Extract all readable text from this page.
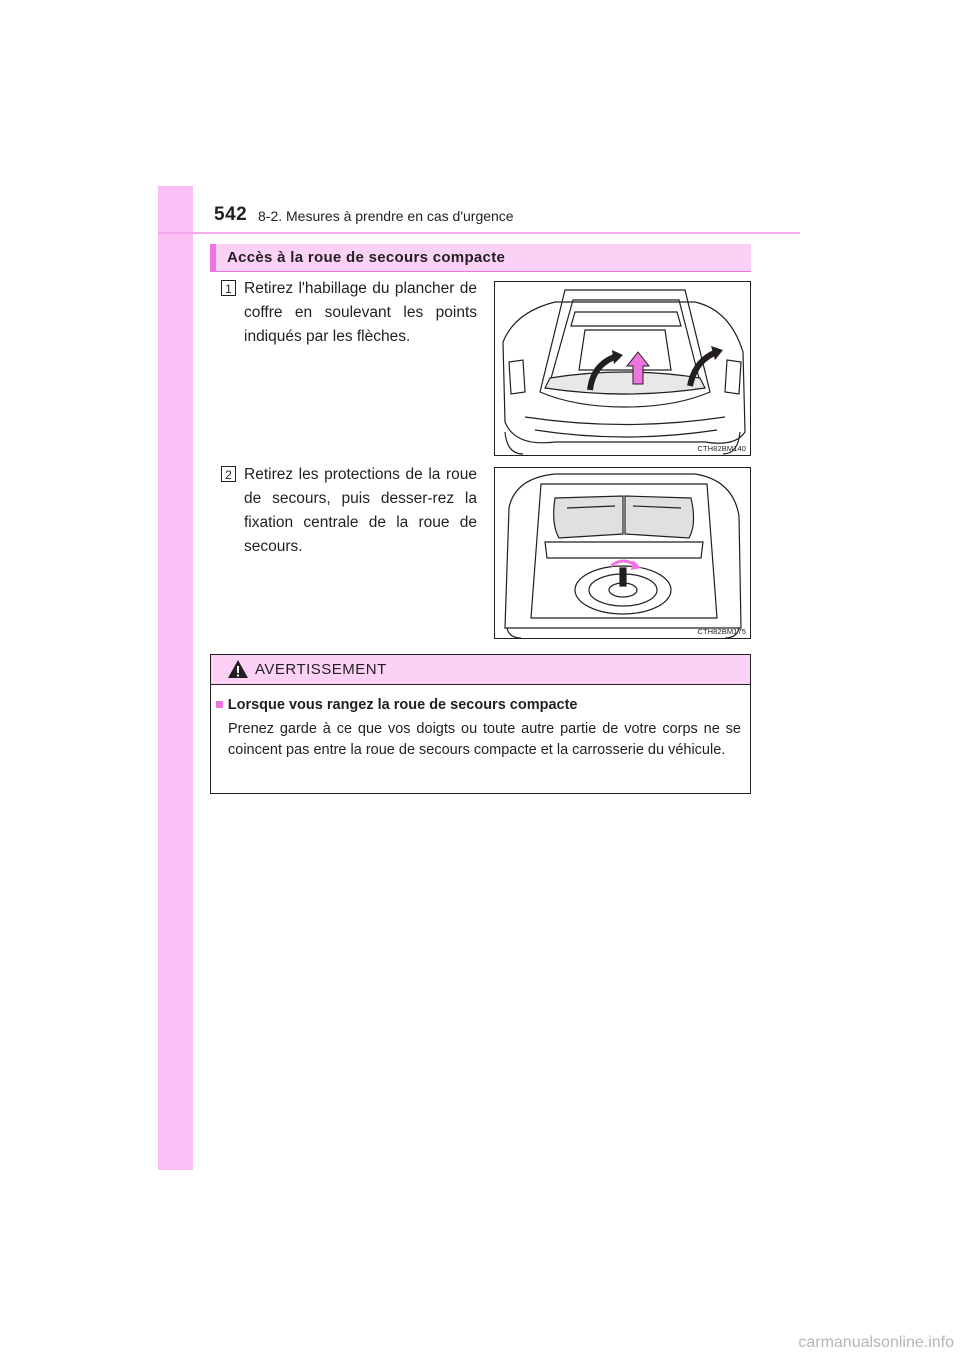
542 8-2. Mesures à prendre en cas d'urgence
Accès à la roue de secours compacte
1 Retirez l'habillage du plancher de coffre en soulevant les points indiqués par les flèches.
CTH82BM140
2 Retirez les protections de la roue de secours, puis desser-rez la fixation centrale de la roue de secours.
CTH82BM175
AVERTISSEMENT
■ Lorsque vous rangez la roue de secours compacte
Prenez garde à ce que vos doigts ou toute autre partie de votre corps ne se coincent pas entre la roue de secours compacte et la carrosserie du véhicule.
carmanualsonline.info
